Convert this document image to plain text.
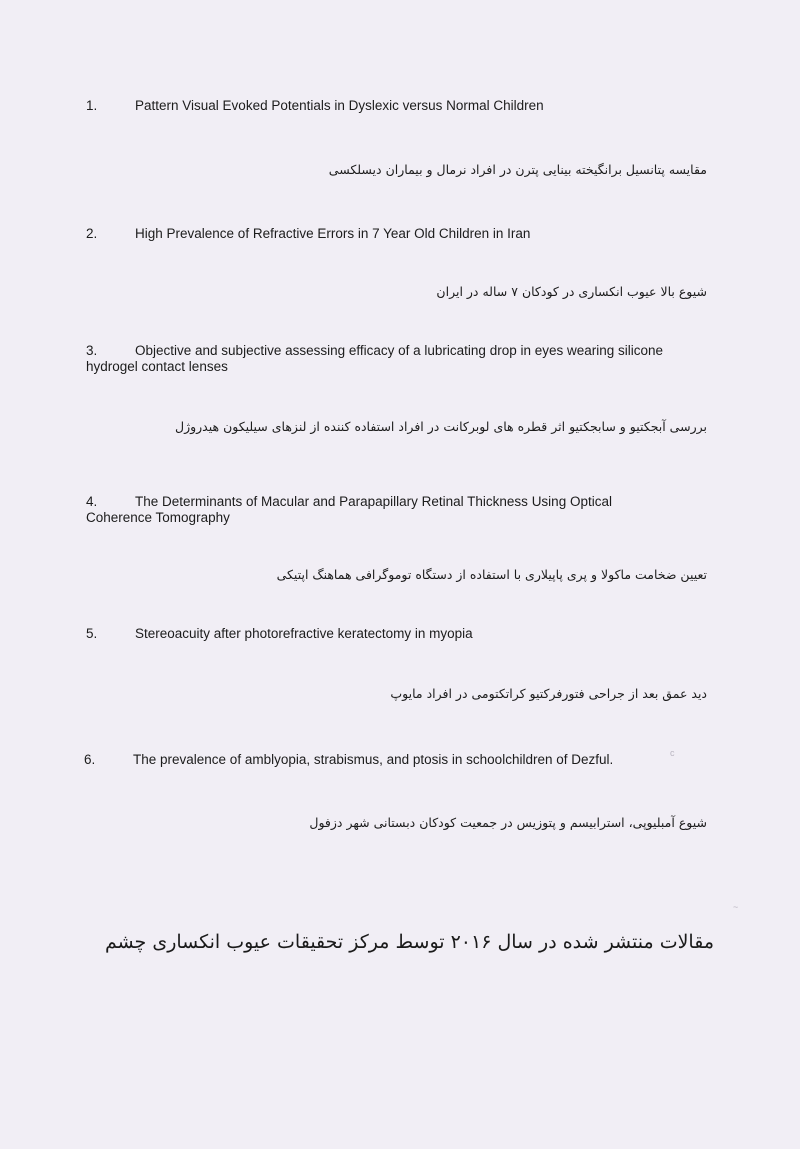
1.	Pattern Visual Evoked Potentials in Dyslexic versus Normal Children
مقایسه پتانسیل برانگیخته بینایی پترن در افراد نرمال و بیماران دیسلکسی
2.	High Prevalence of Refractive Errors in 7 Year Old Children in Iran
شیوع بالا عیوب انکساری در کودکان ۷ ساله در ایران
3.	Objective and subjective assessing efficacy of a lubricating drop in eyes wearing silicone hydrogel contact lenses
بررسی آبجکتیو و سابجکتیو اثر قطره های لوبرکانت در افراد استفاده کننده از لنزهای سیلیکون هیدروژل
4.	The Determinants of Macular and Parapapillary Retinal Thickness Using Optical Coherence Tomography
تعیین ضخامت ماکولا و پری پاپیلاری با استفاده از دستگاه توموگرافی هماهنگ اپتیکی
5.	Stereoacuity after photorefractive keratectomy in myopia
دید عمق بعد از جراحی فتورفرکتیو کراتکتومی در افراد مایوپ
6.	The prevalence of amblyopia, strabismus, and ptosis in schoolchildren of Dezful.
شیوع آمبلیوپی، استرابیسم و پتوزیس در جمعیت کودکان دبستانی شهر دزفول
مقالات منتشر شده در سال ۲۰۱۶ توسط مرکز تحقیقات عیوب انکساری چشم
c
~
